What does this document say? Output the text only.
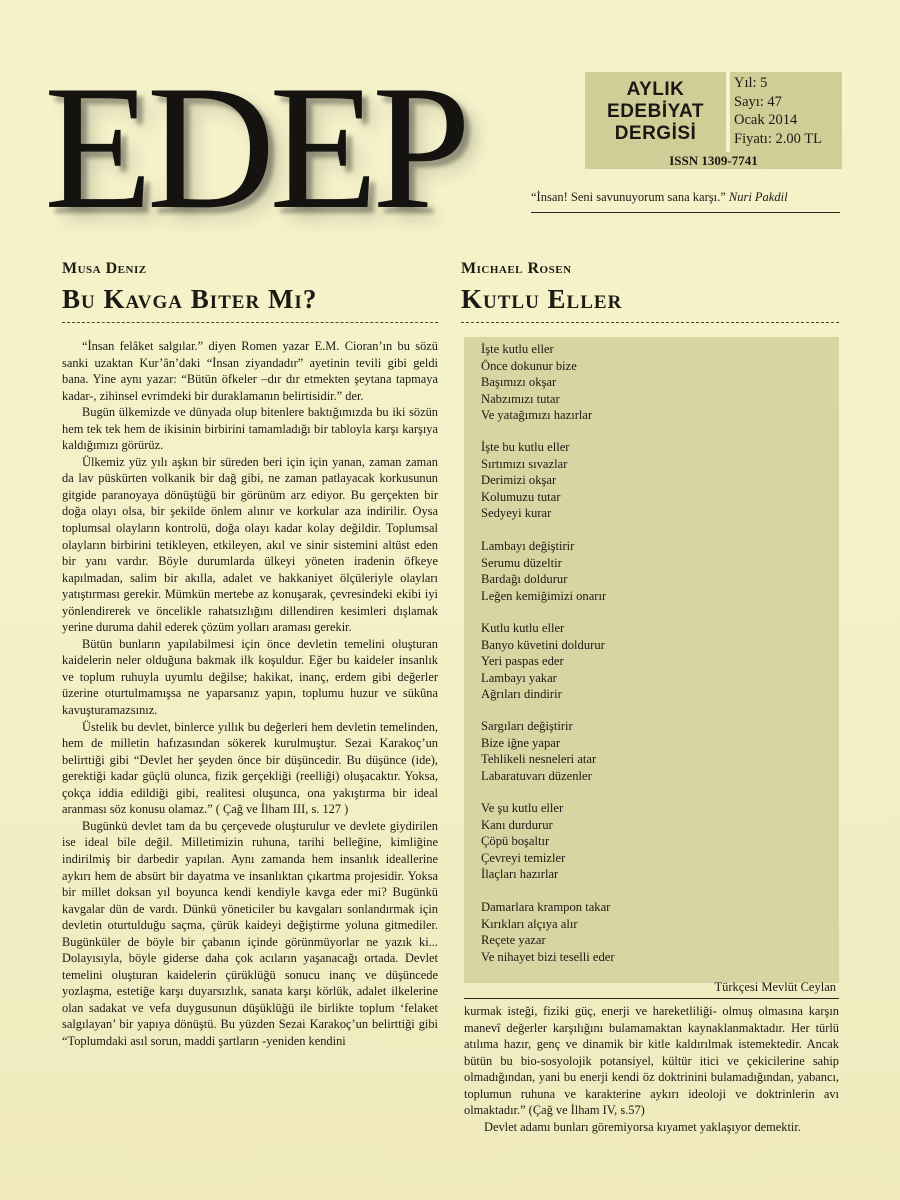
EDEP	AYLIK
EDEBİYAT
DERGİSİ
Yıl: 5
Sayı: 47
Ocak 2014
Fiyatı: 2.00 TL
ISSN 1309-7741
“İnsan! Seni savunuyorum sana karşı.” Nuri Pakdil
Musa Deniz
Bu Kavga Biter Mi?
Michael Rosen
Kutlu Eller

“İnsan felâket salgılar.” diyen Romen yazar E.M. Cioran’ın bu sözü sanki uzaktan Kur’ân’daki “İnsan ziyandadır” ayetinin tevili gibi geldi bana. Yine aynı yazar: “Bütün öfkeler –dır dır etmekten şeytana tapmaya kadar-, zihinsel evrimdeki bir duraklamanın belirtisidir.” der.

Bugün ülkemizde ve dünyada olup bitenlere baktığımızda bu iki sözün hem tek tek hem de ikisinin birbirini tamamladığı bir tabloyla karşı karşıya kaldığımızı görürüz.

Ülkemiz yüz yılı aşkın bir süreden beri için için yanan, zaman zaman da lav püskürten volkanik bir dağ gibi, ne zaman patlayacak korkusunun gitgide paranoyaya dönüştüğü bir görünüm arz ediyor. Bu gerçekten bir doğa olayı olsa, bir şekilde önlem alınır ve korkular aza indirilir. Oysa toplumsal olayların kontrolü, doğa olayı kadar kolay değildir. Toplumsal olayların birbirini tetikleyen, etkileyen, akıl ve sinir sistemini altüst eden bir yanı vardır. Böyle durumlarda ülkeyi yöneten iradenin öfkeye kapılmadan, salim bir akılla, adalet ve hakkaniyet ölçüleriyle olayları yatıştırması gerekir. Mümkün mertebe az konuşarak, çevresindeki ekibi iyi yönlendirerek ve öncelikle rahatsızlığını dillendiren kesimleri dışlamak yerine duruma dahil ederek çözüm yolları araması gerekir.

Bütün bunların yapılabilmesi için önce devletin temelini oluşturan kaidelerin neler olduğuna bakmak ilk koşuldur. Eğer bu kaideler insanlık ve toplum ruhuyla uyumlu değilse; hakikat, inanç, erdem gibi değerler üzerine oturtulmamışsa ne yaparsanız yapın, toplumu huzur ve sükûna kavuşturamazsınız.

Üstelik bu devlet, binlerce yıllık bu değerleri hem devletin temelinden, hem de milletin hafızasından sökerek kurulmuştur. Sezai Karakoç’un belirttiği gibi “Devlet her şeyden önce bir düşüncedir. Bu düşünce (ide), gerektiği kadar güçlü olunca, fizik gerçekliği (reelliği) oluşacaktır. Yoksa, çokça iddia edildiği gibi, realitesi oluşunca, ona yakıştırma bir ideal aranması söz konusu olamaz.” ( Çağ ve İlham III, s. 127 )

Bugünkü devlet tam da bu çerçevede oluşturulur ve devlete giydirilen ise ideal bile değil. Milletimizin ruhuna, tarihi belleğine, kimliğine indirilmiş bir darbedir yapılan. Aynı zamanda hem insanlık ideallerine aykırı hem de absürt bir dayatma ve insanlıktan çıkartma projesidir. Yoksa bir millet doksan yıl boyunca kendi kendiyle kavga eder mi? Bugünkü kavgalar dün de vardı. Dünkü yöneticiler bu kavgaları sonlandırmak için devletin oturtulduğu saçma, çürük kaideyi değiştirme yoluna gitmediler. Bugünküler de böyle bir çabanın içinde görünmüyorlar ne yazık ki... Dolayısıyla, böyle giderse daha çok acıların yaşanacağı ortada. Devlet temelini oluşturan kaidelerin çürüklüğü sonucu inanç ve düşüncede yozlaşma, estetiğe karşı duyarsızlık, sanata karşı körlük, adalet ilkelerine olan sadakat ve vefa duygusunun düşüklüğü ile birlikte toplum ‘felaket salgılayan’ bir yapıya dönüştü. Bu yüzden Sezai Karakoç’un belirttiği gibi “Toplumdaki asıl sorun, maddi şartların -yeniden kendini

İşte kutlu eller
Önce dokunur bize
Başımızı okşar
Nabzımızı tutar
Ve yatağımızı hazırlar
İşte bu kutlu eller
Sırtımızı sıvazlar
Derimizi okşar
Kolumuzu tutar
Sedyeyi kurar
Lambayı değiştirir
Serumu düzeltir
Bardağı doldurur
Leğen kemiğimizi onarır
Kutlu kutlu eller
Banyo küvetini doldurur
Yeri paspas eder
Lambayı yakar
Ağrıları dindirir
Sargıları değiştirir
Bize iğne yapar
Tehlikeli nesneleri atar
Labaratuvarı düzenler
Ve şu kutlu eller
Kanı durdurur
Çöpü boşaltır
Çevreyi temizler
İlaçları hazırlar
Damarlara krampon takar
Kırıkları alçıya alır
Reçete yazar
Ve nihayet bizi teselli eder
Türkçesi Mevlüt Ceylan

kurmak isteği, fiziki güç, enerji ve hareketliliği- olmuş olmasına karşın manevî değerler karşılığını bulamamaktan kaynaklanmaktadır. Her türlü atılıma hazır, genç ve dinamik bir kitle kaldırılmak istemektedir. Ancak bütün bu bio-sosyolojik potansiyel, kültür itici ve çekicilerine sahip olmadığından, yani bu enerji kendi öz doktrinini bulamadığından, yabancı, toplumun ruhuna ve karakterine aykırı ideoloji ve doktrinlerin avı olmaktadır.” (Çağ ve İlham IV, s.57)

Devlet adamı bunları göremiyorsa kıyamet yaklaşıyor demektir.
